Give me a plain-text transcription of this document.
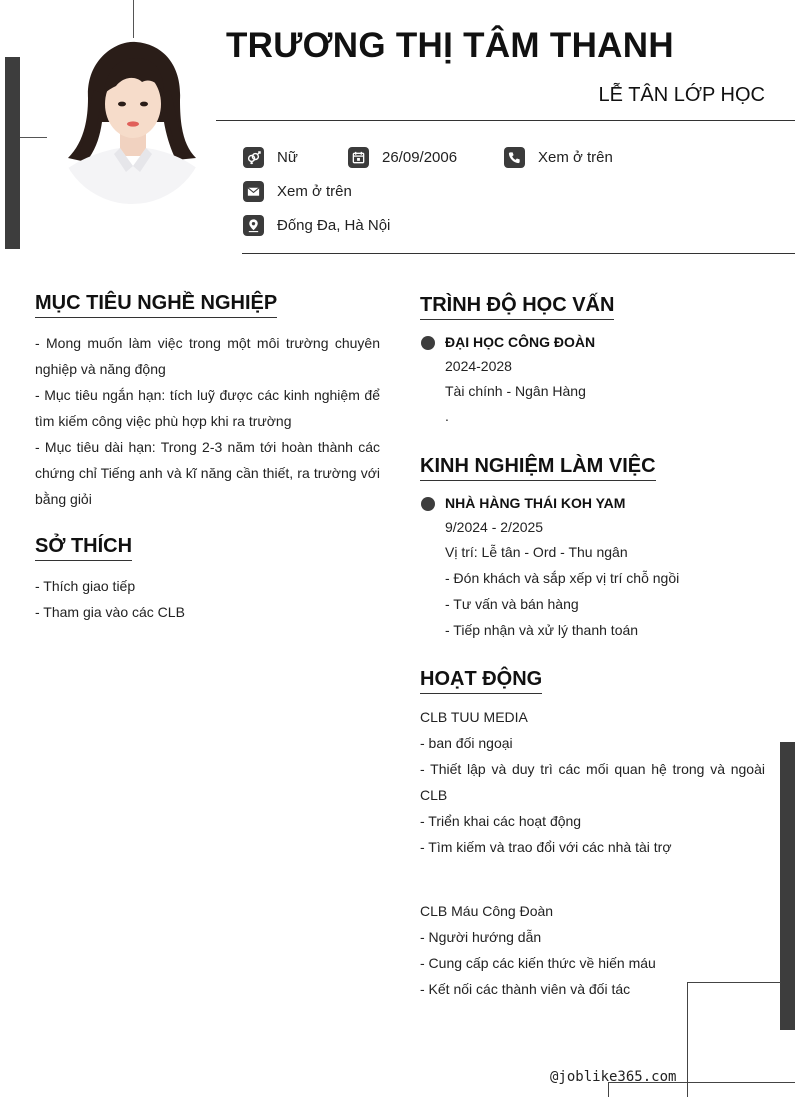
TRƯƠNG THỊ TÂM THANH
LỄ TÂN LỚP HỌC
Nữ	26/09/2006	Xem ở trên
Xem ở trên
Đống Đa, Hà Nội
MỤC TIÊU NGHỀ NGHIỆP

- Mong muốn làm việc trong một môi trường chuyên nghiệp và năng động

- Mục tiêu ngắn hạn: tích luỹ được các kinh nghiệm để tìm kiếm công việc phù hợp khi ra trường

- Mục tiêu dài hạn: Trong 2-3 năm tới hoàn thành các chứng chỉ Tiếng anh và kĩ năng cần thiết, ra trường với bằng giỏi

SỞ THÍCH

- Thích giao tiếp

- Tham gia vào các CLB

TRÌNH ĐỘ HỌC VẤN
ĐẠI HỌC CÔNG ĐOÀN
2024-2028
Tài chính - Ngân Hàng
.
KINH NGHIỆM LÀM VIỆC
NHÀ HÀNG THÁI KOH YAM
9/2024 - 2/2025
Vị trí: Lễ tân - Ord - Thu ngân
- Đón khách và sắp xếp vị trí chỗ ngồi
- Tư vấn và bán hàng
- Tiếp nhận và xử lý thanh toán
HOẠT ĐỘNG

CLB TUU MEDIA

- ban đối ngoại

- Thiết lập và duy trì các mối quan hệ trong và ngoài CLB

- Triển khai các hoạt động

- Tìm kiếm và trao đổi với các nhà tài trợ

CLB Máu Công Đoàn

- Người hướng dẫn

- Cung cấp các kiến thức về hiến máu

- Kết nối các thành viên và đối tác

@joblike365.com
